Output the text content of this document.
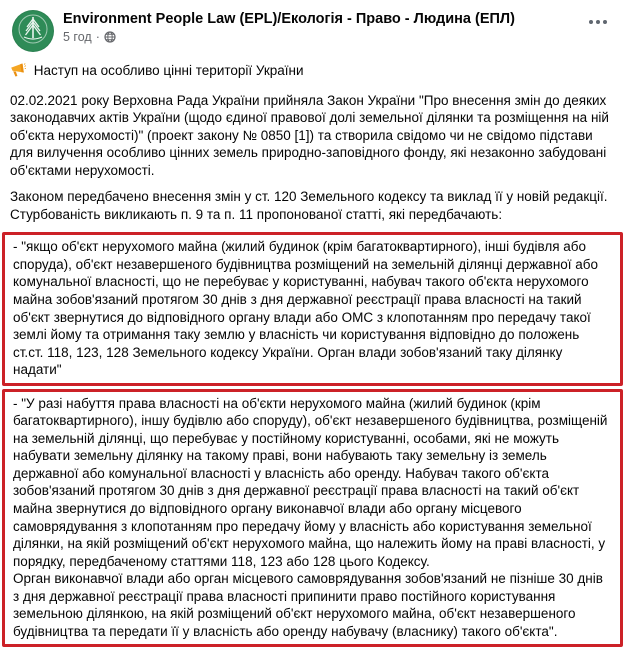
Environment People Law (EPL)/Екологія - Право - Людина (ЕПЛ)
5 год ·
Наступ на особливо цінні території України

02.02.2021 року Верховна Рада України прийняла Закон України "Про внесення змін до деяких законодавчих актів України (щодо єдиної правової долі земельної ділянки та розміщення на ній об'єкта нерухомості)" (проект закону № 0850 [1]) та створила свідомо чи не свідомо підстави для вилучення особливо цінних земель природно-заповідного фонду, які незаконно забудовані об'єктами нерухомості.

Законом передбачено внесення змін у ст. 120 Земельного кодексу та виклад її у новій редакції. Стурбованість викликають п. 9 та п. 11 пропонованої статті, які передбачають:

- "якщо об'єкт нерухомого майна (жилий будинок (крім багатоквартирного), інші будівля або споруда), об'єкт незавершеного будівництва розміщений на земельній ділянці державної або комунальної власності, що не перебуває у користуванні, набувач такого об'єкта нерухомого майна зобов'язаний протягом 30 днів з дня державної реєстрації права власності на такий об'єкт звернутися до відповідного органу влади або ОМС з клопотанням про передачу такої землі йому та отримання таку землю у власність чи користування відповідно до положень ст.ст. 118, 123, 128 Земельного кодексу України. Орган влади зобов'язаний таку ділянку надати"

- "У разі набуття права власності на об'єкти нерухомого майна (жилий будинок (крім багатоквартирного), іншу будівлю або споруду), об'єкт незавершеного будівництва, розміщеній на земельній ділянці, що перебуває у постійному користуванні, особами, які не можуть набувати земельну ділянку на такому праві, вони набувають таку земельну із земель державної або комунальної власності у власність або оренду. Набувач такого об'єкта зобов'язаний протягом 30 днів з дня державної реєстрації права власності на такий об'єкт майна звернутися до відповідного органу виконавчої влади або органу місцевого самоврядування з клопотанням про передачу йому у власність або користування земельної ділянки, на якій розміщений об'єкт нерухомого майна, що належить йому на праві власності, у порядку, передбаченому статтями 118, 123 або 128 цього Кодексу.

Орган виконавчої влади або орган місцевого самоврядування зобов'язаний не пізніше 30 днів з дня державної реєстрації права власності припинити право постійного користування земельною ділянкою, на якій розміщений об'єкт нерухомого майна, об'єкт незавершеного будівництва та передати її у власність або оренду набувачу (власнику) такого об'єкта".
